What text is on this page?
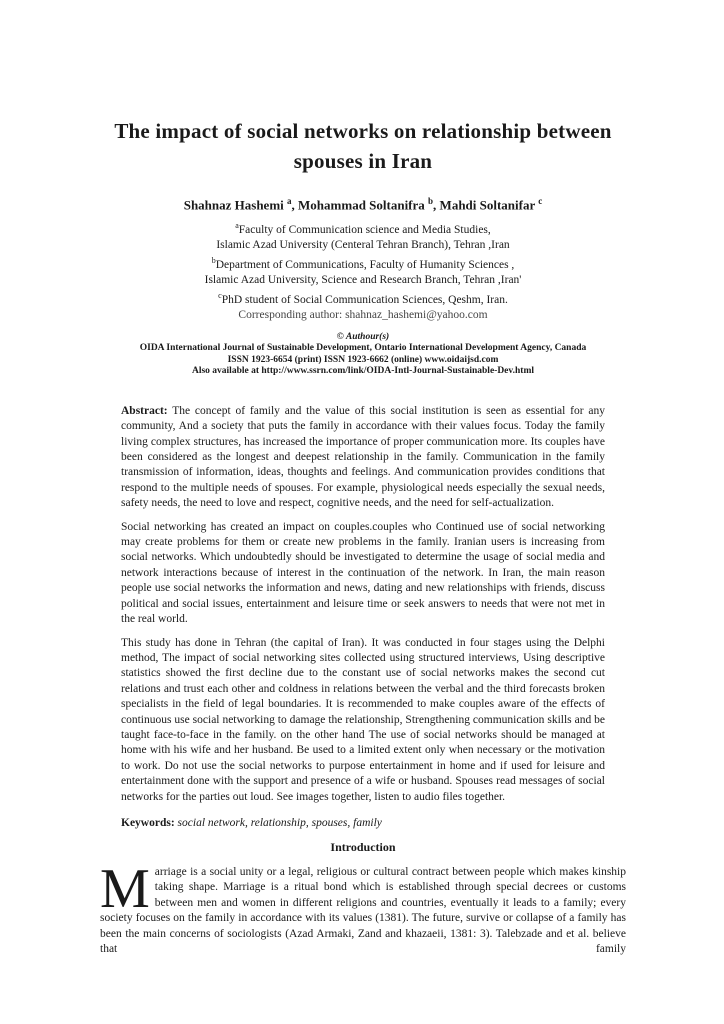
The impact of social networks on relationship between
spouses in Iran
Shahnaz Hashemi $^a$, Mohammad Soltanifra $^b$, Mahdi Soltanifar $^c$
$^a$Faculty of Communication science and Media Studies,
Islamic Azad University (Centeral Tehran Branch), Tehran ,Iran
$^b$Department of Communications, Faculty of Humanity Sciences ,
Islamic Azad University, Science and Research Branch, Tehran ,Iran'
$^c$PhD student of Social Communication Sciences, Qeshm, Iran.
Corresponding author: shahnaz_hashemi@yahoo.com
© Authour(s)
OIDA International Journal of Sustainable Development, Ontario International Development Agency, Canada
ISSN 1923-6654 (print) ISSN 1923-6662 (online) www.oidaijsd.com
Also available at http://www.ssrn.com/link/OIDA-Intl-Journal-Sustainable-Dev.html

Abstract: The concept of family and the value of this social institution is seen as essential for any community, And a society that puts the family in accordance with their values focus. Today the family living complex structures, has increased the importance of proper communication more. Its couples have been considered as the longest and deepest relationship in the family. Communication in the family transmission of information, ideas, thoughts and feelings. And communication provides conditions that respond to the multiple needs of spouses. For example, physiological needs especially the sexual needs, safety needs, the need to love and respect, cognitive needs, and the need for self-actualization.

Social networking has created an impact on couples.couples who Continued use of social networking may create problems for them or create new problems in the family. Iranian users is increasing from social networks. Which undoubtedly should be investigated to determine the usage of social media and network interactions because of interest in the continuation of the network. In Iran, the main reason people use social networks the information and news, dating and new relationships with friends, discuss political and social issues, entertainment and leisure time or seek answers to needs that were not met in the real world.

This study has done in Tehran (the capital of Iran). It was conducted in four stages using the Delphi method, The impact of social networking sites collected using structured interviews, Using descriptive statistics showed the first decline due to the constant use of social networks makes the second cut relations and trust each other and coldness in relations between the verbal and the third forecasts broken specialists in the field of legal boundaries. It is recommended to make couples aware of the effects of continuous use social networking to damage the relationship, Strengthening communication skills and be taught face-to-face in the family. on the other hand The use of social networks should be managed at home with his wife and her husband. Be used to a limited extent only when necessary or the motivation to work. Do not use the social networks to purpose entertainment in home and if used for leisure and entertainment done with the support and presence of a wife or husband. Spouses read messages of social networks for the parties out loud. See images together, listen to audio files together.

Keywords: social network, relationship, spouses, family
Introduction
Marriage is a social unity or a legal, religious or cultural contract between people which makes kinship taking shape. Marriage is a ritual bond which is established through special decrees or customs between men and women in different religions and countries, eventually it leads to a family; every society focuses on the family in accordance with its values (1381). The future, survive or collapse of a family has been the main concerns of sociologists (Azad Armaki, Zand and khazaeii, 1381: 3). Talebzade and et al. believe that family
